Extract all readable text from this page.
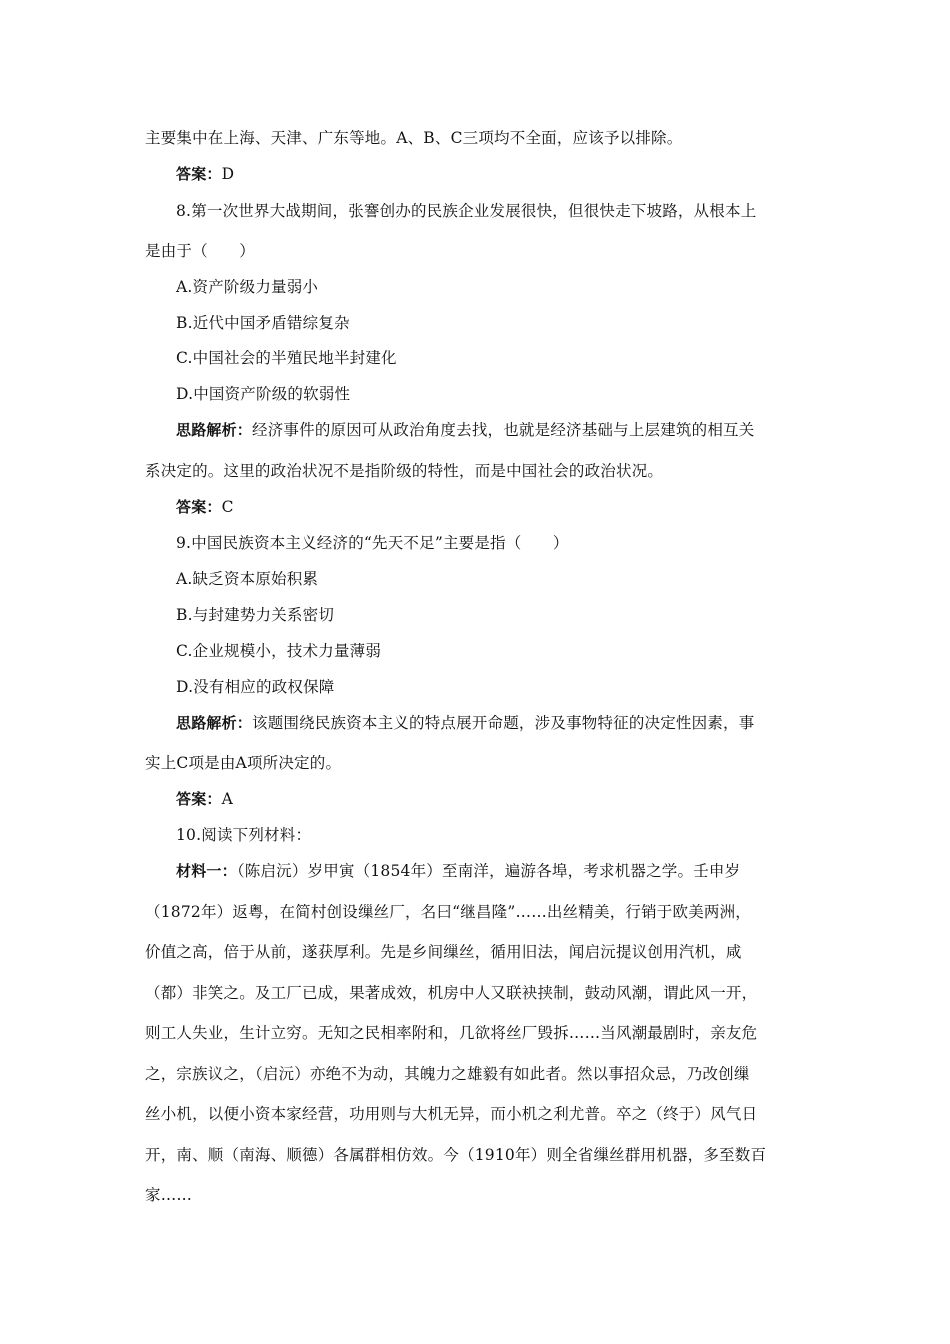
主要集中在上海、天津、广东等地。A、B、C三项均不全面，应该予以排除。
答案：D
8.第一次世界大战期间，张謇创办的民族企业发展很快，但很快走下坡路，从根本上
是由于（　　）
A.资产阶级力量弱小
B.近代中国矛盾错综复杂
C.中国社会的半殖民地半封建化
D.中国资产阶级的软弱性
思路解析：经济事件的原因可从政治角度去找，也就是经济基础与上层建筑的相互关
系决定的。这里的政治状况不是指阶级的特性，而是中国社会的政治状况。
答案：C
9.中国民族资本主义经济的“先天不足”主要是指（　　）
A.缺乏资本原始积累
B.与封建势力关系密切
C.企业规模小，技术力量薄弱
D.没有相应的政权保障
思路解析：该题围绕民族资本主义的特点展开命题，涉及事物特征的决定性因素，事
实上C项是由A项所决定的。
答案：A
10.阅读下列材料：
材料一：（陈启沅）岁甲寅（1854年）至南洋，遍游各埠，考求机器之学。壬申岁
（1872年）返粤，在简村创设缫丝厂，名曰“继昌隆”……出丝精美，行销于欧美两洲，
价值之高，倍于从前，遂获厚利。先是乡间缫丝，循用旧法，闻启沅提议创用汽机，咸
（都）非笑之。及工厂已成，果著成效，机房中人又联袂挟制，鼓动风潮，谓此风一开，
则工人失业，生计立穷。无知之民相率附和，几欲将丝厂毁拆……当风潮最剧时，亲友危
之，宗族议之，（启沅）亦绝不为动，其魄力之雄毅有如此者。然以事招众忌，乃改创缫
丝小机，以便小资本家经营，功用则与大机无异，而小机之利尤普。卒之（终于）风气日
开，南、顺（南海、顺德）各属群相仿效。今（1910年）则全省缫丝群用机器，多至数百
家……
